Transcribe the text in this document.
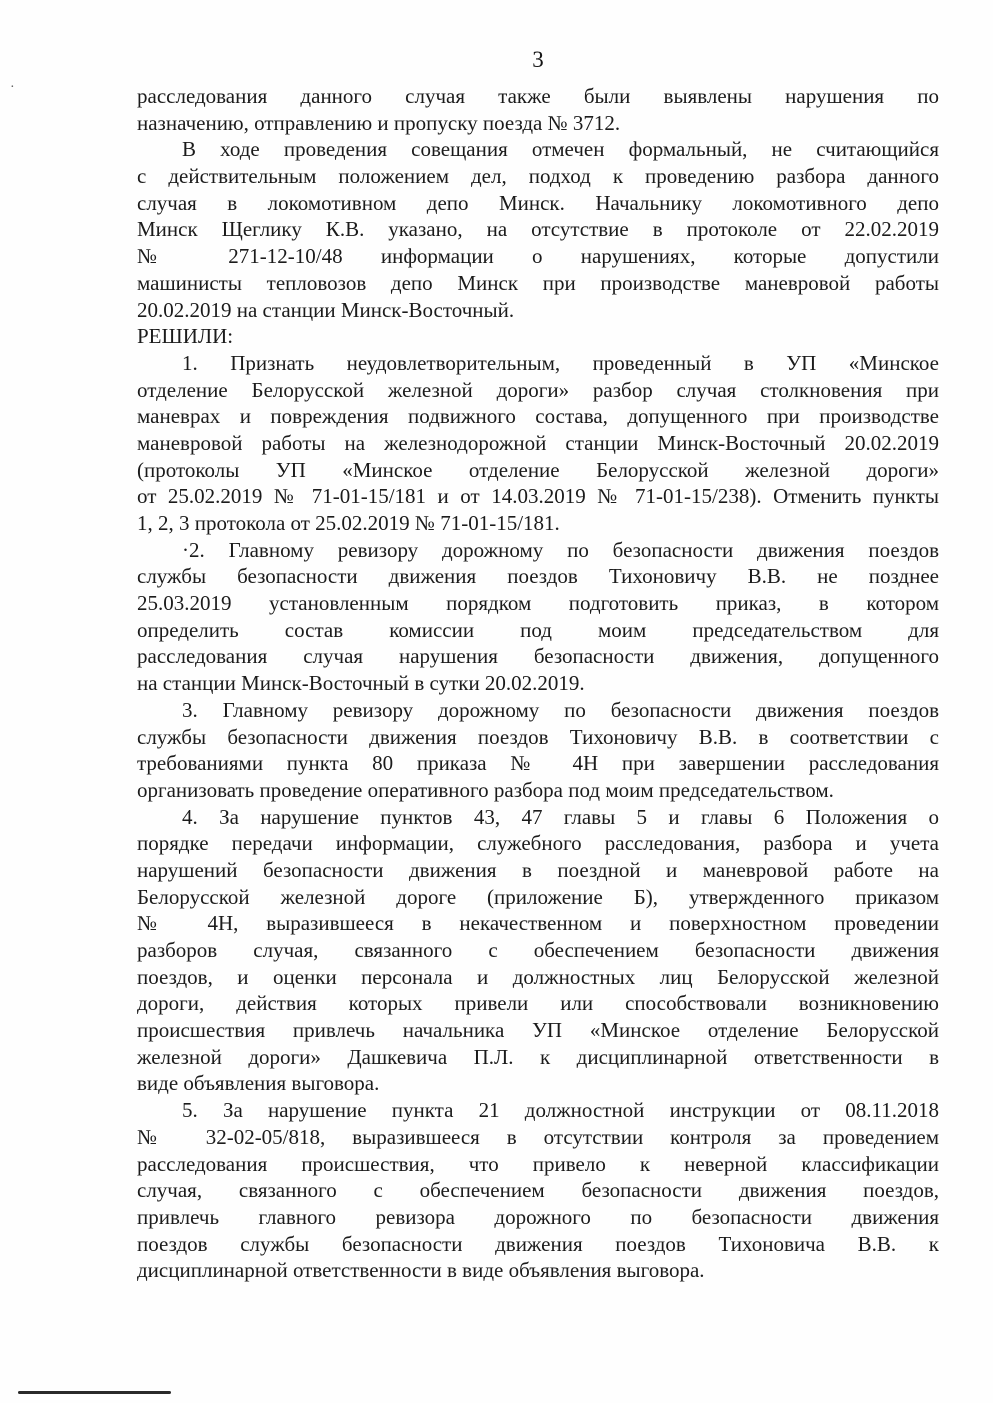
·
3
расследования данного случая также были выявлены нарушения по
назначению, отправлению и пропуску поезда № 3712.
В ходе проведения совещания отмечен формальный, не считающийся
с действительным положением дел, подход к проведению разбора данного
случая в локомотивном депо Минск. Начальнику локомотивного депо
Минск Щеглику К.В. указано, на отсутствие в протоколе от 22.02.2019
№ 271-12-10/48 информации о нарушениях, которые допустили
машинисты тепловозов депо Минск при производстве маневровой работы
20.02.2019 на станции Минск-Восточный.
РЕШИЛИ:
1. Признать неудовлетворительным, проведенный в УП «Минское
отделение Белорусской железной дороги» разбор случая столкновения при
маневрах и повреждения подвижного состава, допущенного при производстве
маневровой работы на железнодорожной станции Минск-Восточный 20.02.2019
(протоколы УП «Минское отделение Белорусской железной дороги»
от 25.02.2019 № 71-01-15/181 и от 14.03.2019 № 71-01-15/238). Отменить пункты
1, 2, 3 протокола от 25.02.2019 № 71-01-15/181.
·2. Главному ревизору дорожному по безопасности движения поездов
службы безопасности движения поездов Тихоновичу В.В. не позднее
25.03.2019 установленным порядком подготовить приказ, в котором
определить состав комиссии под моим председательством для
расследования случая нарушения безопасности движения, допущенного
на станции Минск-Восточный в сутки 20.02.2019.
3. Главному ревизору дорожному по безопасности движения поездов
службы безопасности движения поездов Тихоновичу В.В. в соответствии с
требованиями пункта 80 приказа № 4Н при завершении расследования
организовать проведение оперативного разбора под моим председательством.
4. За нарушение пунктов 43, 47 главы 5 и главы 6 Положения о
порядке передачи информации, служебного расследования, разбора и учета
нарушений безопасности движения в поездной и маневровой работе на
Белорусской железной дороге (приложение Б), утвержденного приказом
№ 4Н, выразившееся в некачественном и поверхностном проведении
разборов случая, связанного с обеспечением безопасности движения
поездов, и оценки персонала и должностных лиц Белорусской железной
дороги, действия которых привели или способствовали возникновению
происшествия привлечь начальника УП «Минское отделение Белорусской
железной дороги» Дашкевича П.Л. к дисциплинарной ответственности в
виде объявления выговора.
5. За нарушение пункта 21 должностной инструкции от 08.11.2018
№ 32-02-05/818, выразившееся в отсутствии контроля за проведением
расследования происшествия, что привело к неверной классификации
случая, связанного с обеспечением безопасности движения поездов,
привлечь главного ревизора дорожного по безопасности движения
поездов службы безопасности движения поездов Тихоновича В.В. к
дисциплинарной ответственности в виде объявления выговора.
